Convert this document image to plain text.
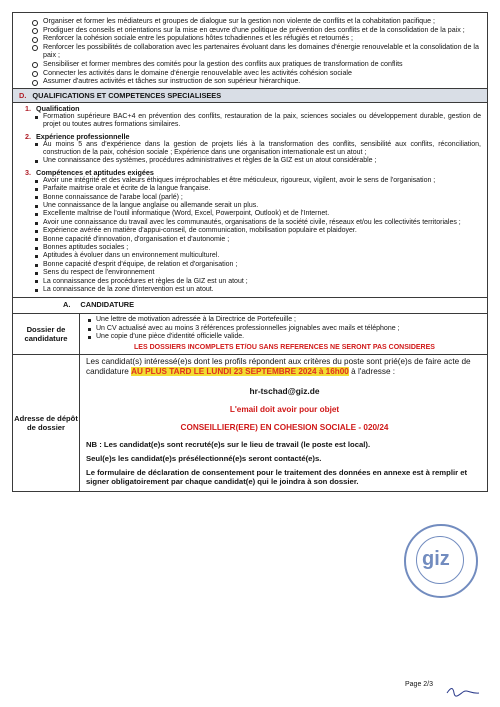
Organiser et former les médiateurs et groupes de dialogue sur la gestion non violente de conflits et la cohabitation pacifique ;
Prodiguer des conseils et orientations sur la mise en œuvre d'une politique de prévention des conflits et de la consolidation de la paix ;
Renforcer la cohésion sociale entre les populations hôtes tchadiennes et les réfugiés et retournés ;
Renforcer les possibilités de collaboration avec les partenaires évoluant dans les domaines d'énergie renouvelable et la consolidation de la paix ;
Sensibiliser et former membres des comités pour la gestion des conflits aux pratiques de transformation de conflits
Connecter les activités dans le domaine d'énergie renouvelable avec les activités cohésion sociale
Assumer d'autres activités et tâches sur instruction de son supérieur hiérarchique.
D. QUALIFICATIONS ET COMPETENCES SPECIALISEES
1. Qualification
Formation supérieure BAC+4 en prévention des conflits, restauration de la paix, sciences sociales ou développement durable, gestion de projet ou toutes autres formations similaires.
2. Expérience professionnelle
Au moins 5 ans d'expérience dans la gestion de projets liés à la transformation des conflits, sensibilité aux conflits, réconciliation, construction de la paix, cohésion sociale ; Expérience dans une organisation internationale est un atout ;
Une connaissance des systèmes, procédures administratives et règles de la GIZ est un atout considérable ;
3. Compétences et aptitudes exigées
Avoir une intégrité et des valeurs éthiques irréprochables et être méticuleux, rigoureux, vigilent, avoir le sens de l'organisation ;
Parfaite maitrise orale et écrite de la langue française.
Bonne connaissance de l'arabe local (parlé) ;
Une connaissance de la langue anglaise ou allemande serait un plus.
Excellente maîtrise de l'outil informatique (Word, Excel, Powerpoint, Outlook) et de l'Internet.
Avoir une connaissance du travail avec les communautés, organisations de la société civile, réseaux et/ou les collectivités territoriales ;
Expérience avérée en matière d'appui-conseil, de communication, mobilisation populaire et plaidoyer.
Bonne capacité d'innovation, d'organisation et d'autonomie ;
Bonnes aptitudes sociales ;
Aptitudes à évoluer dans un environnement multiculturel.
Bonne capacité d'esprit d'équipe, de relation et d'organisation ;
Sens du respect de l'environnement
La connaissance des procédures et règles de la GIZ est un atout ;
La connaissance de la zone d'intervention est un atout.
A. CANDIDATURE
Dossier de candidature
Une lettre de motivation adressée à la Directrice de Portefeuille ;
Un CV actualisé avec au moins 3 références professionnelles joignables avec mails et téléphone ;
Une copie d'une pièce d'identité officielle valide.
LES DOSSIERS INCOMPLETS ET/OU SANS REFERENCES NE SERONT PAS CONSIDERES
Adresse de dépôt de dossier
Les candidat(s) intéressé(e)s dont les profils répondent aux critères du poste sont prié(e)s de faire acte de candidature AU PLUS TARD LE LUNDI 23 SEPTEMBRE 2024 à 16h00 à l'adresse :
hr-tschad@giz.de
L'email doit avoir pour objet
CONSEILLIER(ERE) EN COHESION SOCIALE - 020/24
NB : Les candidat(e)s sont recruté(e)s sur le lieu de travail (le poste est local).
Seul(e)s les candidat(e)s présélectionné(e)s seront contacté(e)s.
Le formulaire de déclaration de consentement pour le traitement des données en annexe est à remplir et signer obligatoirement par chaque candidat(e) qui le joindra à son dossier.
giz
Page 2/3
